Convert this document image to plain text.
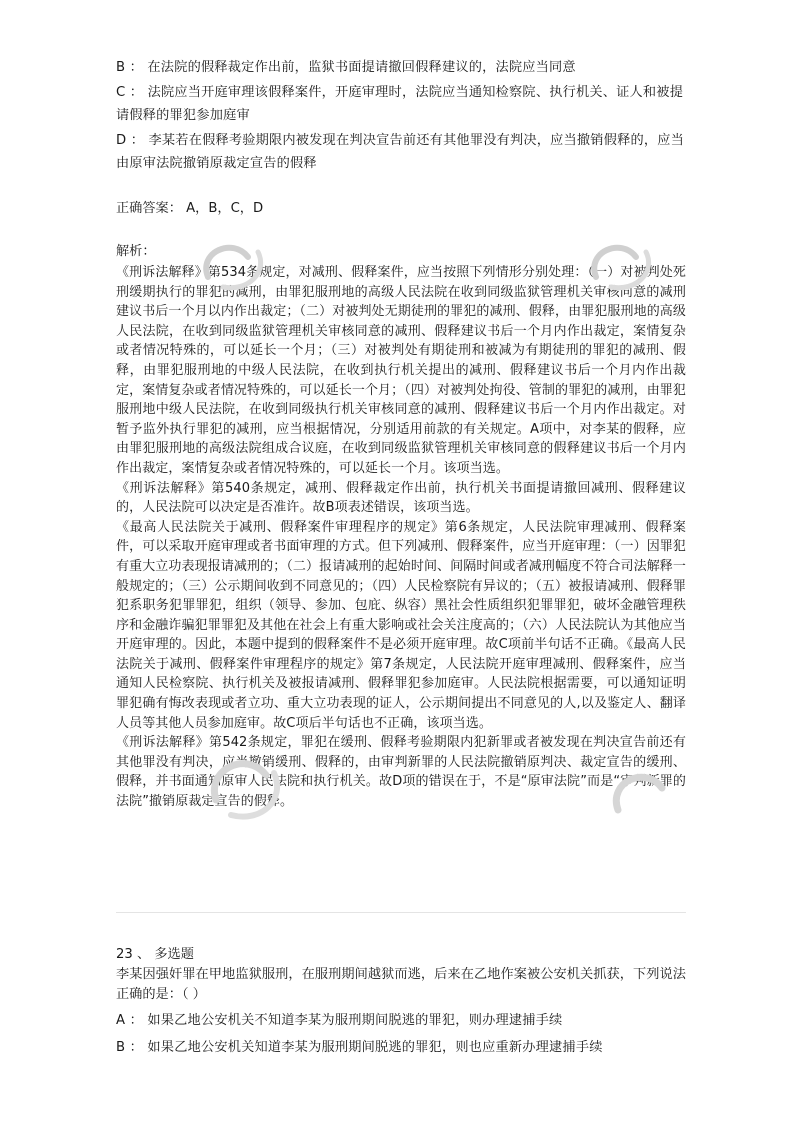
B ： 在法院的假释裁定作出前，监狱书面提请撤回假释建议的，法院应当同意

C ： 法院应当开庭审理该假释案件，开庭审理时，法院应当通知检察院、执行机关、证人和被提请假释的罪犯参加庭审

D ： 李某若在假释考验期限内被发现在判决宣告前还有其他罪没有判决，应当撤销假释的，应当由原审法院撤销原裁定宣告的假释

正确答案： A，B，C，D

解析：

《刑诉法解释》第534条规定，对减刑、假释案件，应当按照下列情形分别处理：（一）对被判处死刑缓期执行的罪犯的减刑，由罪犯服刑地的高级人民法院在收到同级监狱管理机关审核同意的减刑建议书后一个月以内作出裁定；（二）对被判处无期徒刑的罪犯的减刑、假释，由罪犯服刑地的高级人民法院，在收到同级监狱管理机关审核同意的减刑、假释建议书后一个月内作出裁定，案情复杂或者情况特殊的，可以延长一个月；（三）对被判处有期徒刑和被减为有期徒刑的罪犯的减刑、假释，由罪犯服刑地的中级人民法院，在收到执行机关提出的减刑、假释建议书后一个月内作出裁定，案情复杂或者情况特殊的，可以延长一个月；（四）对被判处拘役、管制的罪犯的减刑，由罪犯服刑地中级人民法院，在收到同级执行机关审核同意的减刑、假释建议书后一个月内作出裁定。对暂予监外执行罪犯的减刑，应当根据情况，分别适用前款的有关规定。A项中，对李某的假释，应由罪犯服刑地的高级法院组成合议庭，在收到同级监狱管理机关审核同意的假释建议书后一个月内作出裁定，案情复杂或者情况特殊的，可以延长一个月。该项当选。

《刑诉法解释》第540条规定，减刑、假释裁定作出前，执行机关书面提请撤回减刑、假释建议的，人民法院可以决定是否准许。故B项表述错误，该项当选。

《最高人民法院关于减刑、假释案件审理程序的规定》第6条规定，人民法院审理减刑、假释案件，可以采取开庭审理或者书面审理的方式。但下列减刑、假释案件，应当开庭审理：（一）因罪犯有重大立功表现报请减刑的；（二）报请减刑的起始时间、间隔时间或者减刑幅度不符合司法解释一般规定的；（三）公示期间收到不同意见的；（四）人民检察院有异议的；（五）被报请减刑、假释罪犯系职务犯罪罪犯，组织（领导、参加、包庇、纵容）黑社会性质组织犯罪罪犯，破坏金融管理秩序和金融诈骗犯罪罪犯及其他在社会上有重大影响或社会关注度高的；（六）人民法院认为其他应当开庭审理的。因此，本题中提到的假释案件不是必须开庭审理。故C项前半句话不正确。《最高人民法院关于减刑、假释案件审理程序的规定》第7条规定，人民法院开庭审理减刑、假释案件，应当通知人民检察院、执行机关及被报请减刑、假释罪犯参加庭审。人民法院根据需要，可以通知证明罪犯确有悔改表现或者立功、重大立功表现的证人，公示期间提出不同意见的人,以及鉴定人、翻译人员等其他人员参加庭审。故C项后半句话也不正确，该项当选。

《刑诉法解释》第542条规定，罪犯在缓刑、假释考验期限内犯新罪或者被发现在判决宣告前还有其他罪没有判决，应当撤销缓刑、假释的，由审判新罪的人民法院撤销原判决、裁定宣告的缓刑、假释，并书面通知原审人民法院和执行机关。故D项的错误在于，不是“原审法院”而是“审判新罪的法院”撤销原裁定宣告的假释。

23 、 多选题

李某因强奸罪在甲地监狱服刑，在服刑期间越狱而逃，后来在乙地作案被公安机关抓获，下列说法正确的是：（ ）

A ： 如果乙地公安机关不知道李某为服刑期间脱逃的罪犯，则办理逮捕手续

B ： 如果乙地公安机关知道李某为服刑期间脱逃的罪犯，则也应重新办理逮捕手续
